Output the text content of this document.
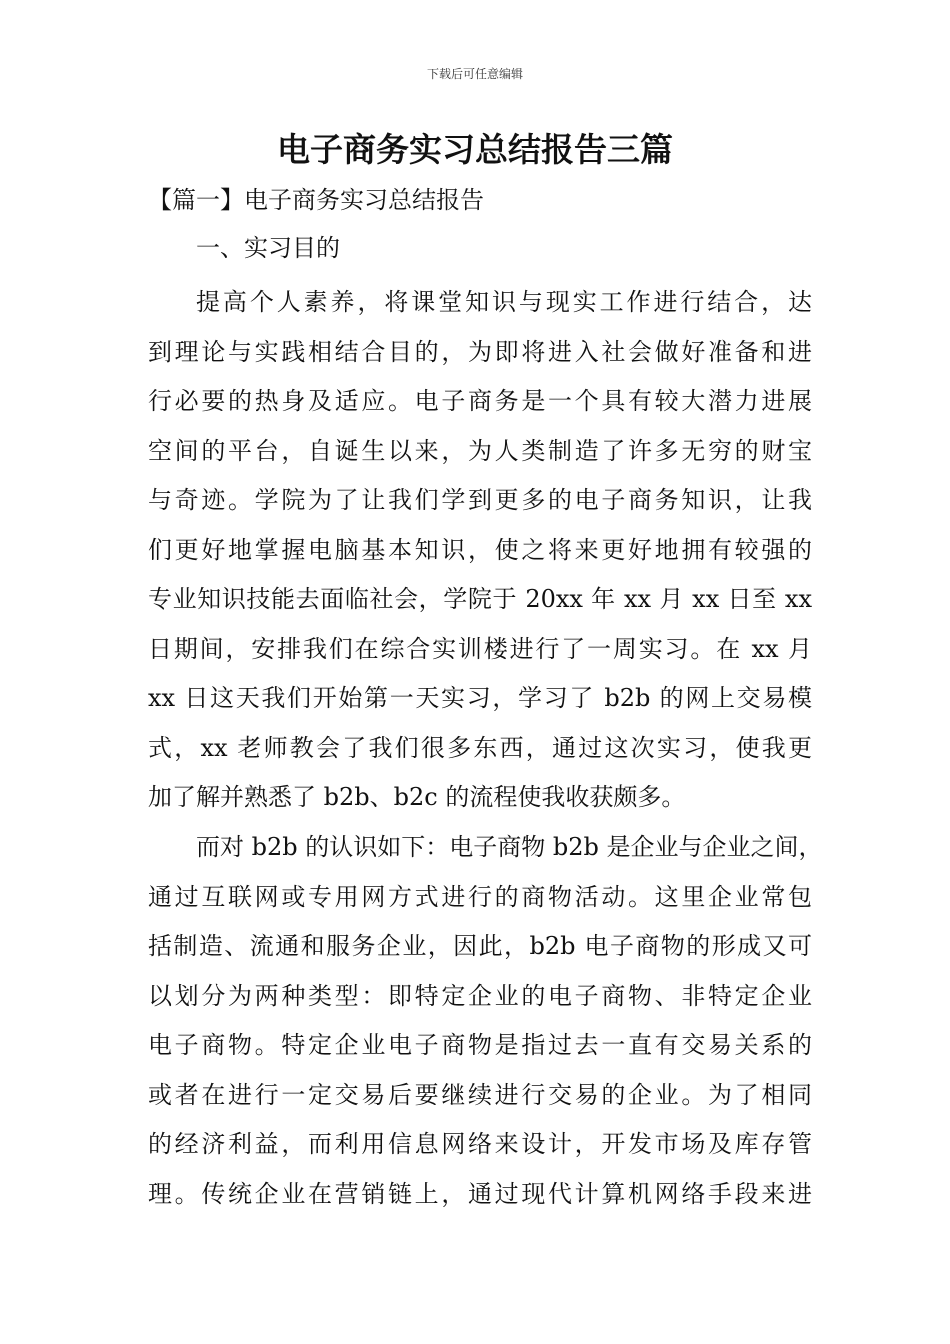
下载后可任意编辑
电子商务实习总结报告三篇
【篇一】电子商务实习总结报告
一、实习目的
提高个人素养，将课堂知识与现实工作进行结合，达
到理论与实践相结合目的，为即将进入社会做好准备和进
行必要的热身及适应。电子商务是一个具有较大潜力进展
空间的平台，自诞生以来，为人类制造了许多无穷的财宝
与奇迹。学院为了让我们学到更多的电子商务知识，让我
们更好地掌握电脑基本知识，使之将来更好地拥有较强的
专业知识技能去面临社会，学院于 20xx 年 xx 月 xx 日至 xx
日期间，安排我们在综合实训楼进行了一周实习。在 xx 月
xx 日这天我们开始第一天实习，学习了 b2b 的网上交易模
式，xx 老师教会了我们很多东西，通过这次实习，使我更
加了解并熟悉了 b2b、b2c 的流程使我收获颇多。
而对 b2b 的认识如下：电子商物 b2b 是企业与企业之间，
通过互联网或专用网方式进行的商物活动。这里企业常包
括制造、流通和服务企业，因此，b2b 电子商物的形成又可
以划分为两种类型：即特定企业的电子商物、非特定企业
电子商物。特定企业电子商物是指过去一直有交易关系的
或者在进行一定交易后要继续进行交易的企业。为了相同
的经济利益，而利用信息网络来设计，开发市场及库存管
理。传统企业在营销链上，通过现代计算机网络手段来进
